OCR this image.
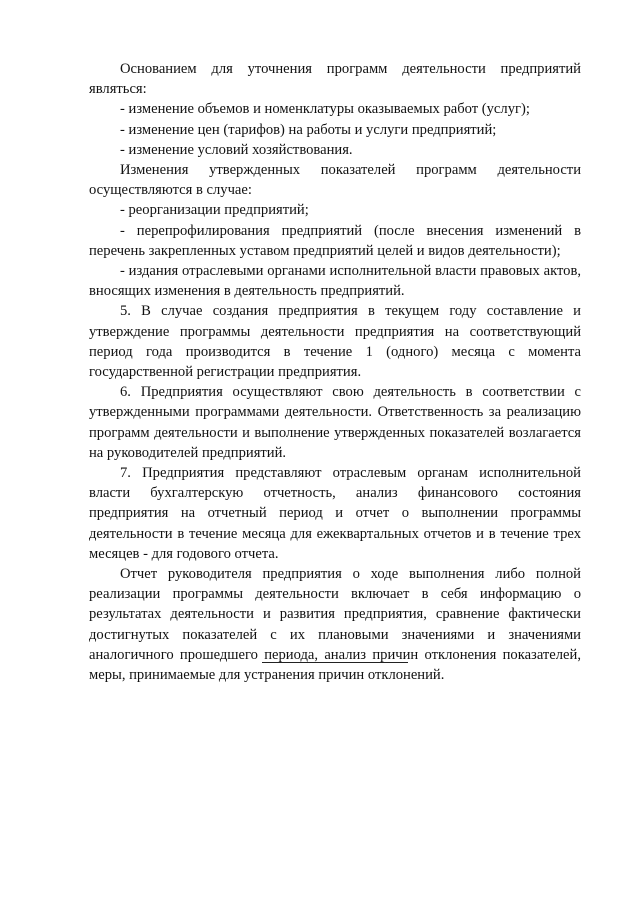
Основанием для уточнения программ деятельности предприятий являться:

- изменение объемов и номенклатуры оказываемых работ (услуг);

- изменение цен (тарифов) на работы и услуги предприятий;

- изменение условий хозяйствования.

Изменения утвержденных показателей программ деятельности осуществляются в случае:

- реорганизации предприятий;

- перепрофилирования предприятий (после внесения изменений в перечень закрепленных уставом предприятий целей и видов деятельности);

- издания отраслевыми органами исполнительной власти правовых актов, вносящих изменения в деятельность предприятий.

5. В случае создания предприятия в текущем году составление и утверждение программы деятельности предприятия на соответствующий период года производится в течение 1 (одного) месяца с момента государственной регистрации предприятия.

6. Предприятия осуществляют свою деятельность в соответствии с утвержденными программами деятельности. Ответственность за реализацию программ деятельности и выполнение утвержденных показателей возлагается на руководителей предприятий.

7. Предприятия представляют отраслевым органам исполнительной власти бухгалтерскую отчетность, анализ финансового состояния предприятия на отчетный период и отчет о выполнении программы деятельности в течение месяца для ежеквартальных отчетов и в течение трех месяцев - для годового отчета.

Отчет руководителя предприятия о ходе выполнения либо полной реализации программы деятельности включает в себя информацию о результатах деятельности и развития предприятия, сравнение фактически достигнутых показателей с их плановыми значениями и значениями аналогичного прошедшего периода, анализ причин отклонения показателей, меры, принимаемые для устранения причин отклонений.
